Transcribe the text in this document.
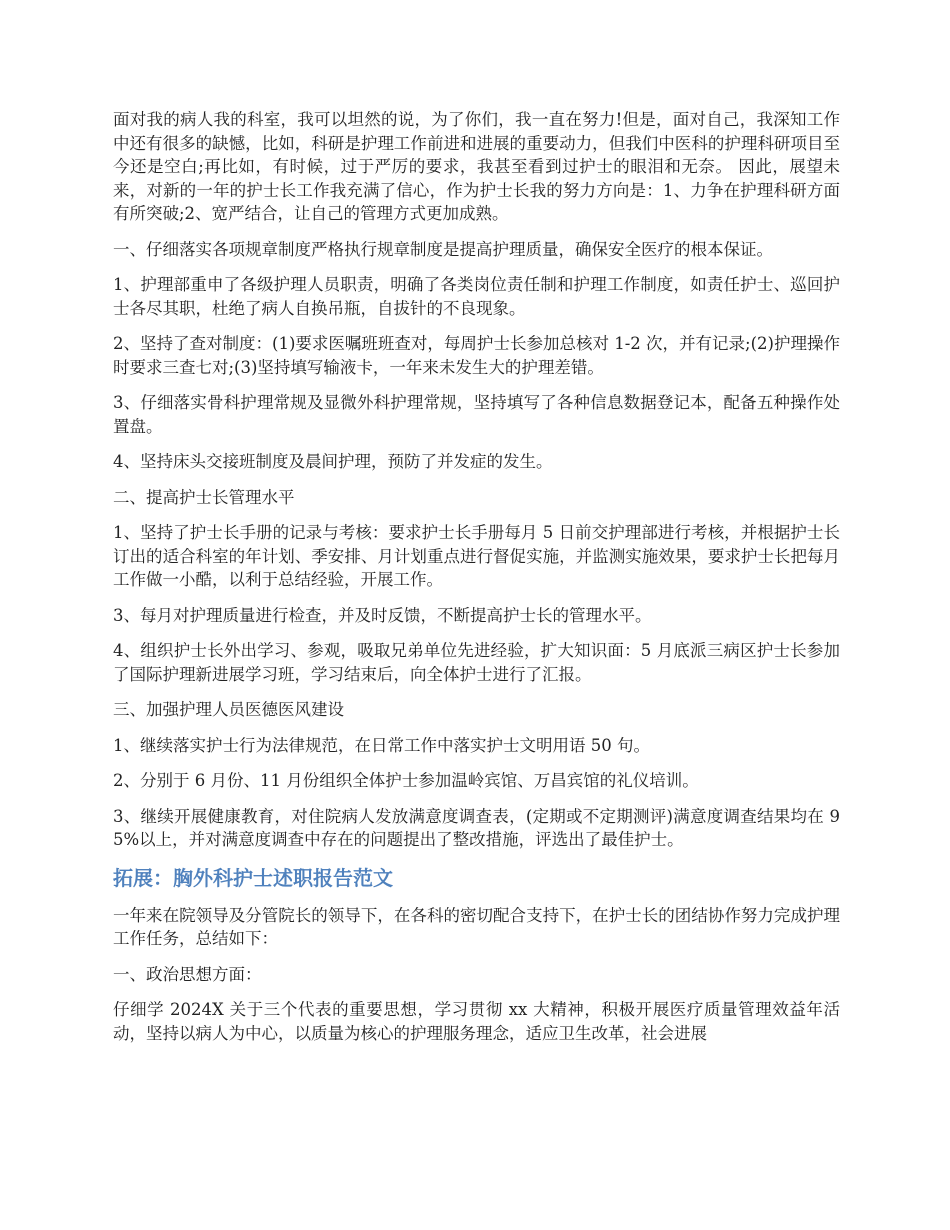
面对我的病人我的科室，我可以坦然的说，为了你们，我一直在努力!但是，面对自己，我深知工作中还有很多的缺憾，比如，科研是护理工作前进和进展的重要动力，但我们中医科的护理科研项目至今还是空白;再比如，有时候，过于严厉的要求，我甚至看到过护士的眼泪和无奈。 因此，展望未来，对新的一年的护士长工作我充满了信心，作为护士长我的努力方向是：1、力争在护理科研方面有所突破;2、宽严结合，让自己的管理方式更加成熟。

一、仔细落实各项规章制度严格执行规章制度是提高护理质量，确保安全医疗的根本保证。

1、护理部重申了各级护理人员职责，明确了各类岗位责任制和护理工作制度，如责任护士、巡回护士各尽其职，杜绝了病人自换吊瓶，自拔针的不良现象。

2、坚持了查对制度：(1)要求医嘱班班查对，每周护士长参加总核对 1-2 次，并有记录;(2)护理操作时要求三查七对;(3)坚持填写输液卡，一年来未发生大的护理差错。

3、仔细落实骨科护理常规及显微外科护理常规，坚持填写了各种信息数据登记本，配备五种操作处置盘。

4、坚持床头交接班制度及晨间护理，预防了并发症的发生。

二、提高护士长管理水平

1、坚持了护士长手册的记录与考核：要求护士长手册每月 5 日前交护理部进行考核，并根据护士长订出的适合科室的年计划、季安排、月计划重点进行督促实施，并监测实施效果，要求护士长把每月工作做一小酷，以利于总结经验，开展工作。

3、每月对护理质量进行检查，并及时反馈，不断提高护士长的管理水平。

4、组织护士长外出学习、参观，吸取兄弟单位先进经验，扩大知识面：5 月底派三病区护士长参加了国际护理新进展学习班，学习结束后，向全体护士进行了汇报。

三、加强护理人员医德医风建设

1、继续落实护士行为法律规范，在日常工作中落实护士文明用语 50 句。

2、分别于 6 月份、11 月份组织全体护士参加温岭宾馆、万昌宾馆的礼仪培训。

3、继续开展健康教育，对住院病人发放满意度调查表，(定期或不定期测评)满意度调查结果均在 95%以上，并对满意度调查中存在的问题提出了整改措施，评选出了最佳护士。

拓展：胸外科护士述职报告范文

一年来在院领导及分管院长的领导下，在各科的密切配合支持下，在护士长的团结协作努力完成护理工作任务，总结如下：

一、政治思想方面：

仔细学 2024X 关于三个代表的重要思想，学习贯彻 xx 大精神，积极开展医疗质量管理效益年活动，坚持以病人为中心，以质量为核心的护理服务理念，适应卫生改革，社会进展
